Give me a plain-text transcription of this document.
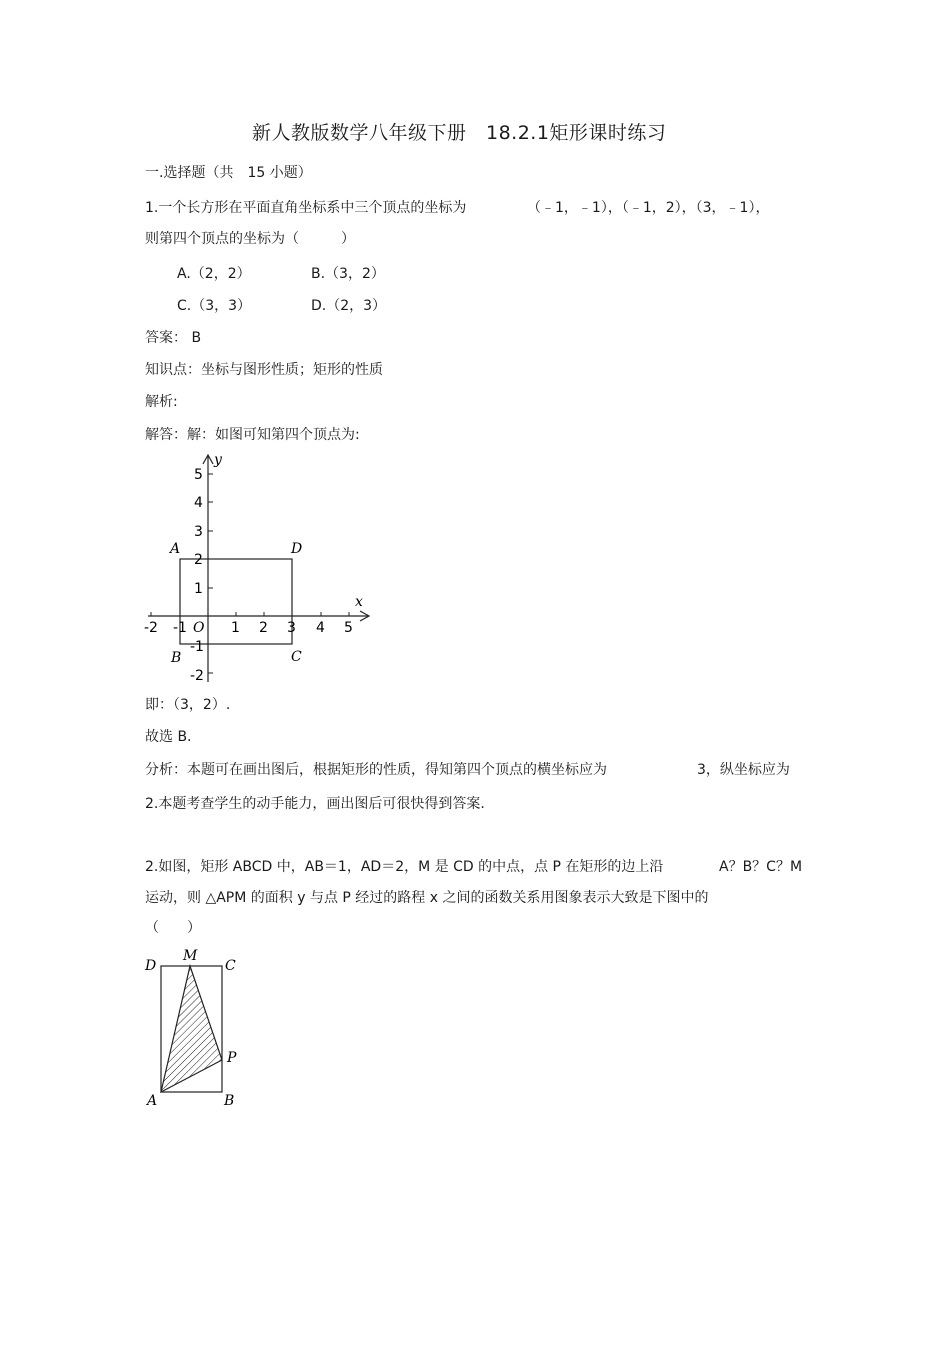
新人教版数学八年级下册　18.2.1矩形课时练习
一.选择题（共　15 小题）
1.一个长方形在平面直角坐标系中三个顶点的坐标为	（﹣1，﹣1），（﹣1，2），（3，﹣1），
则第四个顶点的坐标为（　　　）
A.（2，2）	B.（3，2）
C.（3，3）	D.（2，3）
答案： B
知识点：坐标与图形性质；矩形的性质
解析:
解答：解：如图可知第四个顶点为:
y
x
O
-2 -1	1 2 3 4 5
5
4
3
2
1
-1
-2
A	D
B	C
即：（3，2）.
故选 B.
分析：本题可在画出图后，根据矩形的性质，得知第四个顶点的横坐标应为	3，纵坐标应为
2.本题考查学生的动手能力，画出图后可很快得到答案.
2.如图，矩形 ABCD 中，AB＝1，AD＝2，M 是 CD 的中点，点 P 在矩形的边上沿	A？B？C？M
运动，则 △APM 的面积 y 与点 P 经过的路程 x 之间的函数关系用图象表示大致是下图中的
（　　）
D
M
C
P
A	B
